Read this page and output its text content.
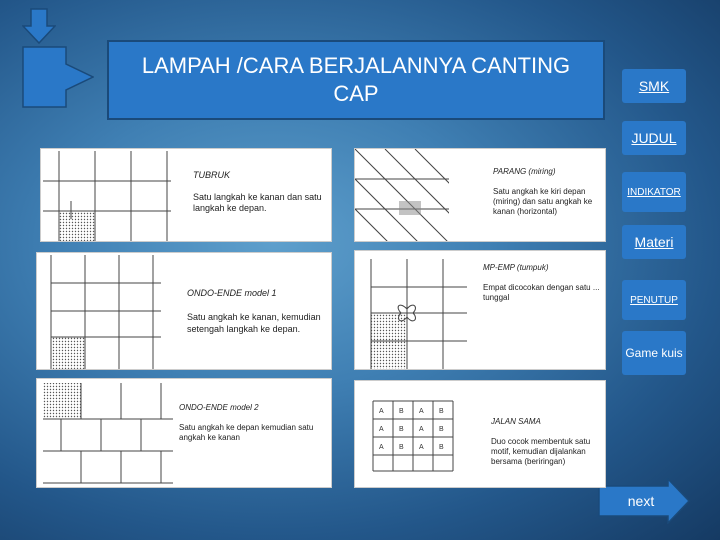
LAMPAH /CARA BERJALANNYA CANTING CAP	SMK
JUDUL
INDIKATOR
Materi
PENUTUP
Game kuis
next

TUBRUK

Satu langkah ke kanan dan satu langkah ke depan.

PARANG (miring)

Satu angkah ke kiri depan (miring) dan satu angkah ke kanan (horizontal)

ONDO-ENDE model 1

Satu angkah ke kanan, kemudian setengah langkah ke depan.

MP-EMP (tumpuk)

Empat dicocokan dengan satu ... tunggal

ONDO-ENDE model 2

Satu angkah ke depan kemudian satu angkah ke kanan

A B A B
A B A B
A B A B

JALAN SAMA

Duo cocok membentuk satu motif, kemudian dijalankan bersama (beriringan)
